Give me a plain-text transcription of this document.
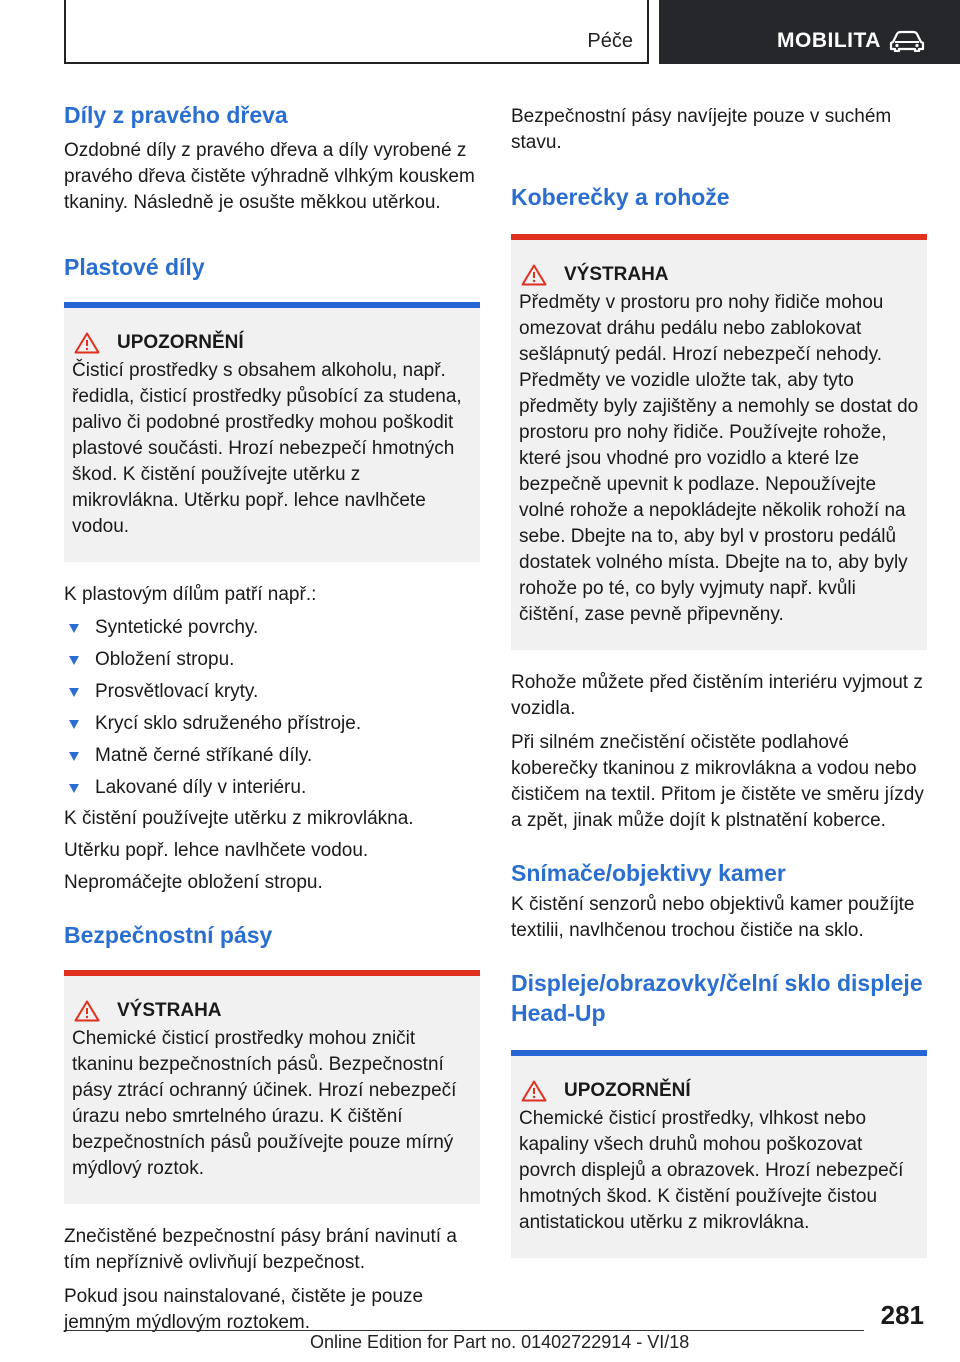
Péče	MOBILITA
Díly z pravého dřeva

Ozdobné díly z pravého dřeva a díly vyrobené z pravého dřeva čistěte výhradně vlhkým kouskem tkaniny. Následně je osušte měkkou utěrkou.

Plastové díly
UPOZORNĚNÍ

Čisticí prostředky s obsahem alkoholu, např. ředidla, čisticí prostředky působící za studena, palivo či podobné prostředky mohou poškodit plastové součásti. Hrozí nebezpečí hmotných škod. K čistění používejte utěrku z mikrovlákna. Utěrku popř. lehce navlhčete vodou.

K plastovým dílům patří např.:

Syntetické povrchy.
Obložení stropu.
Prosvětlovací kryty.
Krycí sklo sdruženého přístroje.
Matně černé stříkané díly.
Lakované díly v interiéru.

K čistění používejte utěrku z mikrovlákna.

Utěrku popř. lehce navlhčete vodou.

Nepromáčejte obložení stropu.

Bezpečnostní pásy
VÝSTRAHA

Chemické čisticí prostředky mohou zničit tkaninu bezpečnostních pásů. Bezpečnostní pásy ztrácí ochranný účinek. Hrozí nebezpečí úrazu nebo smrtelného úrazu. K čištění bezpečnostních pásů používejte pouze mírný mýdlový roztok.

Znečistěné bezpečnostní pásy brání navinutí a tím nepříznivě ovlivňují bezpečnost.

Pokud jsou nainstalované, čistěte je pouze jemným mýdlovým roztokem.

Bezpečnostní pásy navíjejte pouze v suchém stavu.

Koberečky a rohože
VÝSTRAHA

Předměty v prostoru pro nohy řidiče mohou omezovat dráhu pedálu nebo zablokovat sešlápnutý pedál. Hrozí nebezpečí nehody. Předměty ve vozidle uložte tak, aby tyto předměty byly zajištěny a nemohly se dostat do prostoru pro nohy řidiče. Používejte rohože, které jsou vhodné pro vozidlo a které lze bezpečně upevnit k podlaze. Nepoužívejte volné rohože a nepokládejte několik rohoží na sebe. Dbejte na to, aby byl v prostoru pedálů dostatek volného místa. Dbejte na to, aby byly rohože po té, co byly vyjmuty např. kvůli čištění, zase pevně připevněny.

Rohože můžete před čistěním interiéru vyjmout z vozidla.

Při silném znečistění očistěte podlahové koberečky tkaninou z mikrovlákna a vodou nebo čističem na textil. Přitom je čistěte ve směru jízdy a zpět, jinak může dojít k plstnatění koberce.

Snímače/objektivy kamer

K čistění senzorů nebo objektivů kamer použíjte textilii, navlhčenou trochou čističe na sklo.

Displeje/obrazovky/čelní sklo displeje Head-Up
UPOZORNĚNÍ

Chemické čisticí prostředky, vlhkost nebo kapaliny všech druhů mohou poškozovat povrch displejů a obrazovek. Hrozí nebezpečí hmotných škod. K čistění používejte čistou antistatickou utěrku z mikrovlákna.

281
Online Edition for Part no. 01402722914 - VI/18
